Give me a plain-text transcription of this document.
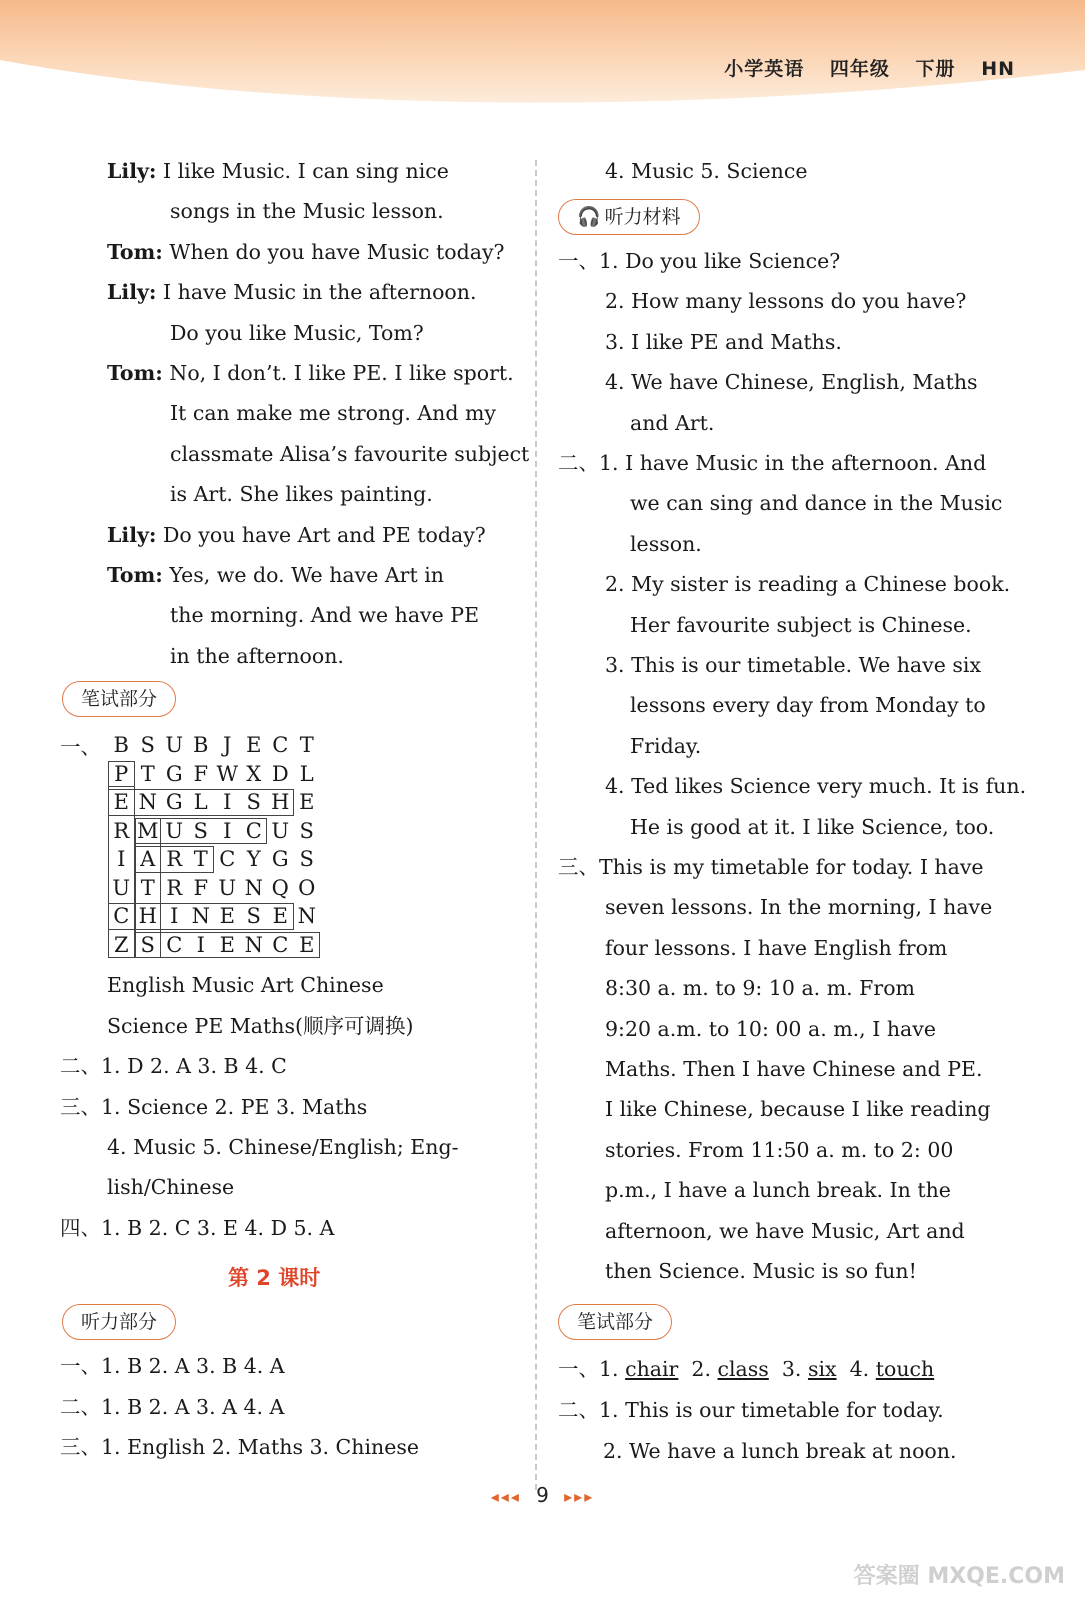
小学英语 四年级 下册 HN
Lily: I like Music. I can sing nice
songs in the Music lesson.
Tom: When do you have Music today?
Lily: I have Music in the afternoon.
Do you like Music, Tom?
Tom: No, I don’t. I like PE. I like sport.
It can make me strong. And my
classmate Alisa’s favourite subject
is Art. She likes painting.
Lily: Do you have Art and PE today?
Tom: Yes, we do. We have Art in
the morning. And we have PE
in the afternoon.
笔试部分
一、 B S U B J E C T
P T G F W X D L
E N G L I S H E
R M U S I C U S
I A R T C Y G S
U T R F U N Q O
C H I N E S E N
Z S C I E N C E
English Music Art Chinese
Science PE Maths(顺序可调换)
二、1. D 2. A 3. B 4. C
三、1. Science 2. PE 3. Maths
4. Music 5. Chinese/English; Eng-
lish/Chinese
四、1. B 2. C 3. E 4. D 5. A
第 2 课时
听力部分
一、1. B 2. A 3. B 4. A
二、1. B 2. A 3. A 4. A
三、1. English 2. Maths 3. Chinese
4. Music 5. Science
🎧 听力材料
一、1. Do you like Science?
2. How many lessons do you have?
3. I like PE and Maths.
4. We have Chinese, English, Maths
and Art.
二、1. I have Music in the afternoon. And
we can sing and dance in the Music
lesson.
2. My sister is reading a Chinese book.
Her favourite subject is Chinese.
3. This is our timetable. We have six
lessons every day from Monday to
Friday.
4. Ted likes Science very much. It is fun.
He is good at it. I like Science, too.
三、This is my timetable for today. I have
seven lessons. In the morning, I have
four lessons. I have English from
8:30 a. m. to 9: 10 a. m. From
9:20 a.m. to 10: 00 a. m., I have
Maths. Then I have Chinese and PE.
I like Chinese, because I like reading
stories. From 11:50 a. m. to 2: 00
p.m., I have a lunch break. In the
afternoon, we have Music, Art and
then Science. Music is so fun!
笔试部分
一、1. chair 2. class 3. six 4. touch
二、1. This is our timetable for today.
2. We have a lunch break at noon.
◂◂◂ 9 ▸▸▸
答案圈 MXQE.COM
